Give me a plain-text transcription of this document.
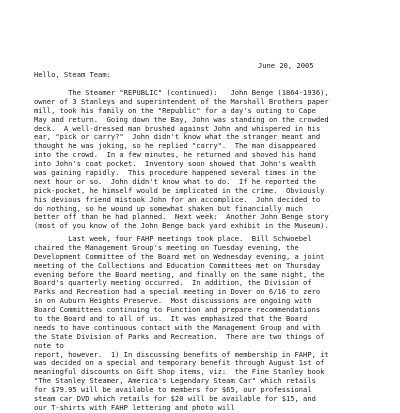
June 20, 2005
Hello, Steam Team:
The Steamer "REPUBLIC" (continued):   John Benge (1864-1936),
owner of 3 Stanleys and superintendent of the Marshall Brothers paper
mill, took his family on the "Republic" for a day's outing to Cape
May and return.  Going down the Bay, John was standing on the crowded
deck.  A well-dressed man brushed against John and whispered in his
ear, "pick or carry?"  John didn't know what the stranger meant and
thought he was joking, so he replied "carry".  The man disappeared
into the crowd.  In a few minutes, he returned and shoved his hand
into John's coat pocket.  Inventory soon showed that John's wealth
was gaining rapidly.  This procedure happened several times in the
next hour or so.  John didn't know what to do.  If he reported the
pick-pocket, he himself would be implicated in the crime.  Obviously
his devious friend mistook John for an accomplice.  John decided to
do nothing, so he wound up somewhat shaken but financially much
better off than he had planned.  Next week:  Another John Benge story
(most of you know of the John Benge back yard exhibit in the Museum).
Last week, four FAHP meetings took place.  Bill Schwoebel
chaired the Management Group's meeting on Tuesday evening, the
Development Committee of the Board met on Wednesday evening, a joint
meeting of the Collections and Education Committees met on Thursday
evening before the Board meeting, and finally on the same night, the
Board's quarterly meeting occurred.  In addition, the Division of
Parks and Recreation had a special meeting in Dover on 6/16 to zero
in on Auburn Heights Preserve.  Most discussions are ongoing with
Board Committees continuing to Function and prepare recommendations
to the Board and to all of us.  It was emphasized that the Board
needs to have continuous contact with the Management Group and with
the State Division of Parks and Recreation.  There are two things of
note to
report, however.  1) In discussing benefits of membership in FAHP, it
was decided on a special and temporary benefit through August 1st of
meaningful discounts on Gift Shop items, viz:  the Fine Stanley book
"The Stanley Steamer, America's Legendary Steam Car" which retails
for $79.95 will be available to members for $65, our professional
steam car DVD which retails for $20 will be available for $15, and
our T-shirts with FAHP lettering and photo will
